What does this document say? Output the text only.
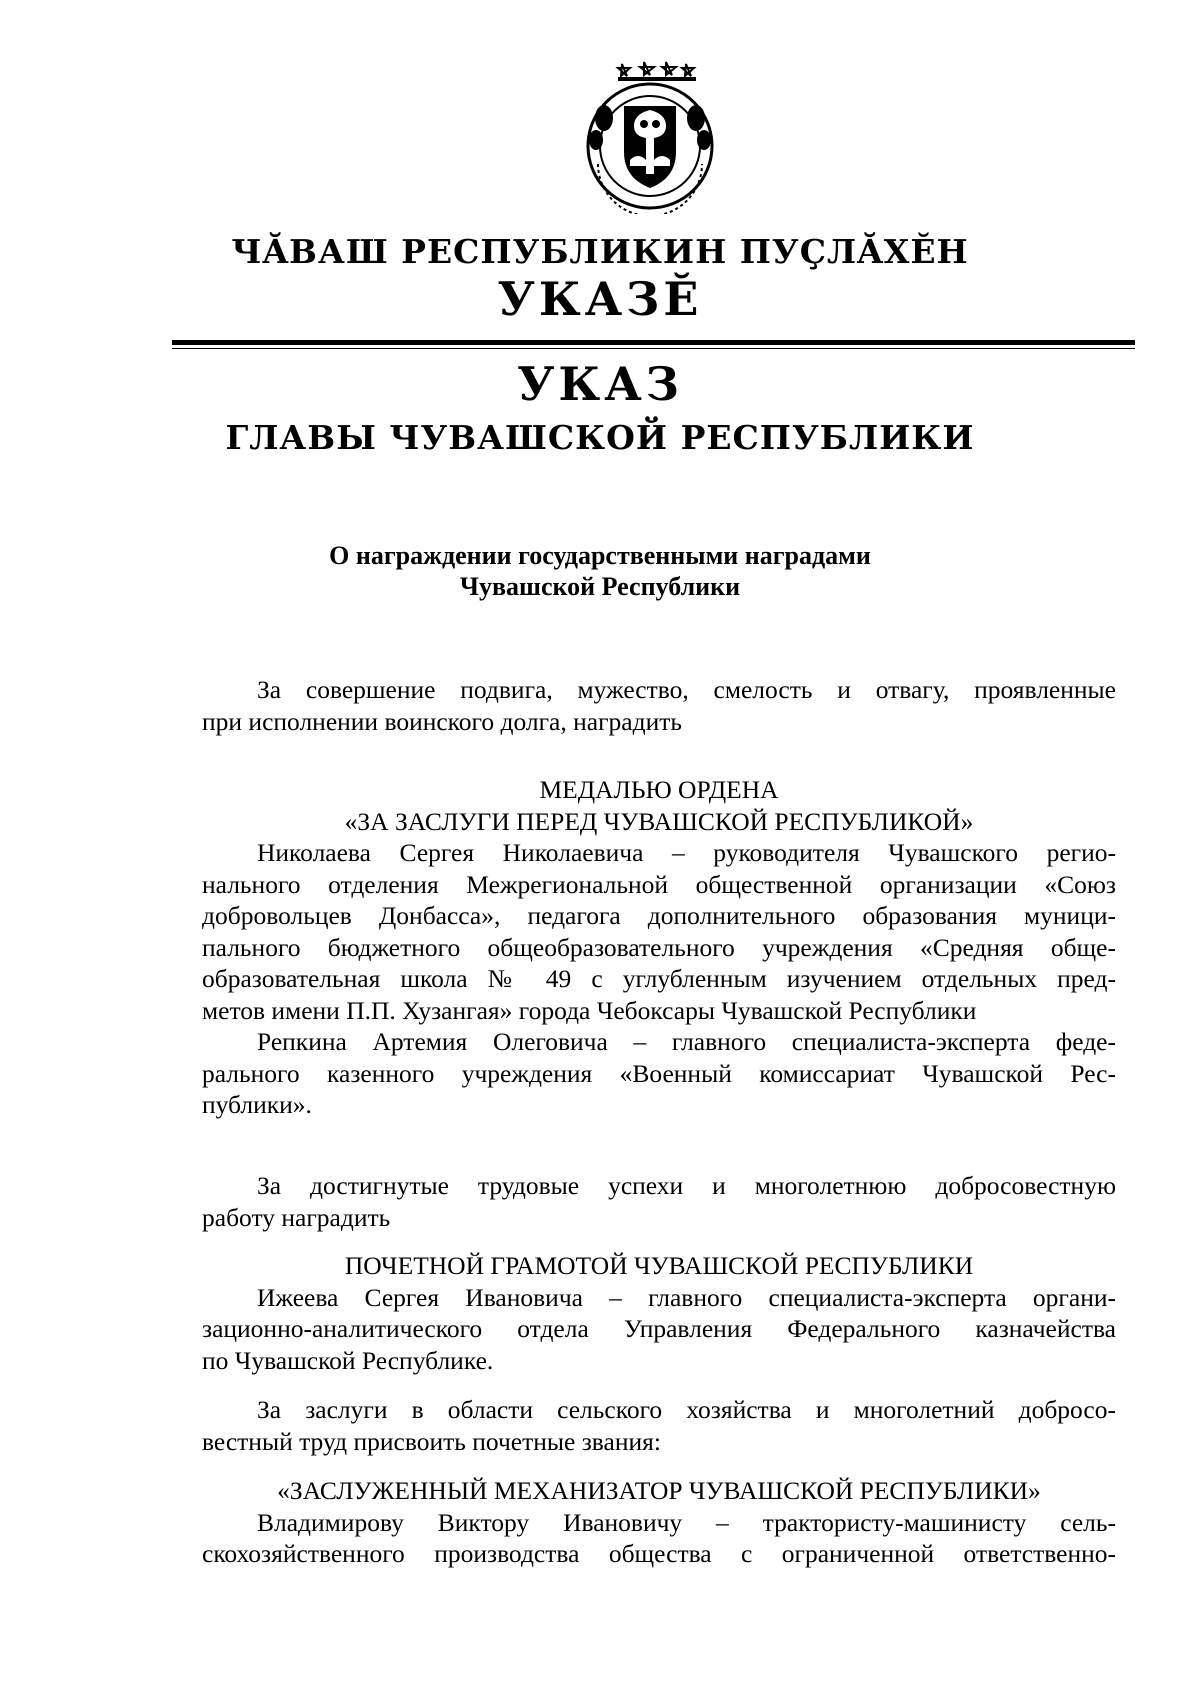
ЧĂВАШ РЕСПУБЛИКИН ПУÇЛĂХĔН
УКАЗĔ
УКАЗ
ГЛАВЫ ЧУВАШСКОЙ РЕСПУБЛИКИ
О награждении государственными наградами
Чувашской Республики
За совершение подвига, мужество, смелость и отвагу, проявленные
при исполнении воинского долга, наградить
МЕДАЛЬЮ ОРДЕНА
«ЗА ЗАСЛУГИ ПЕРЕД ЧУВАШСКОЙ РЕСПУБЛИКОЙ»
Николаева Сергея Николаевича – руководителя Чувашского регио-
нального отделения Межрегиональной общественной организации «Союз
добровольцев Донбасса», педагога дополнительного образования муници-
пального бюджетного общеобразовательного учреждения «Средняя обще-
образовательная школа № 49 с углубленным изучением отдельных пред-
метов имени П.П. Хузангая» города Чебоксары Чувашской Республики
Репкина Артемия Олеговича – главного специалиста-эксперта феде-
рального казенного учреждения «Военный комиссариат Чувашской Рес-
публики».
За достигнутые трудовые успехи и многолетнюю добросовестную
работу наградить
ПОЧЕТНОЙ ГРАМОТОЙ ЧУВАШСКОЙ РЕСПУБЛИКИ
Ижеева Сергея Ивановича – главного специалиста-эксперта органи-
зационно-аналитического отдела Управления Федерального казначейства
по Чувашской Республике.
За заслуги в области сельского хозяйства и многолетний добросо-
вестный труд присвоить почетные звания:
«ЗАСЛУЖЕННЫЙ МЕХАНИЗАТОР ЧУВАШСКОЙ РЕСПУБЛИКИ»
Владимирову Виктору Ивановичу – трактористу-машинисту сель-
скохозяйственного производства общества с ограниченной ответственно-
